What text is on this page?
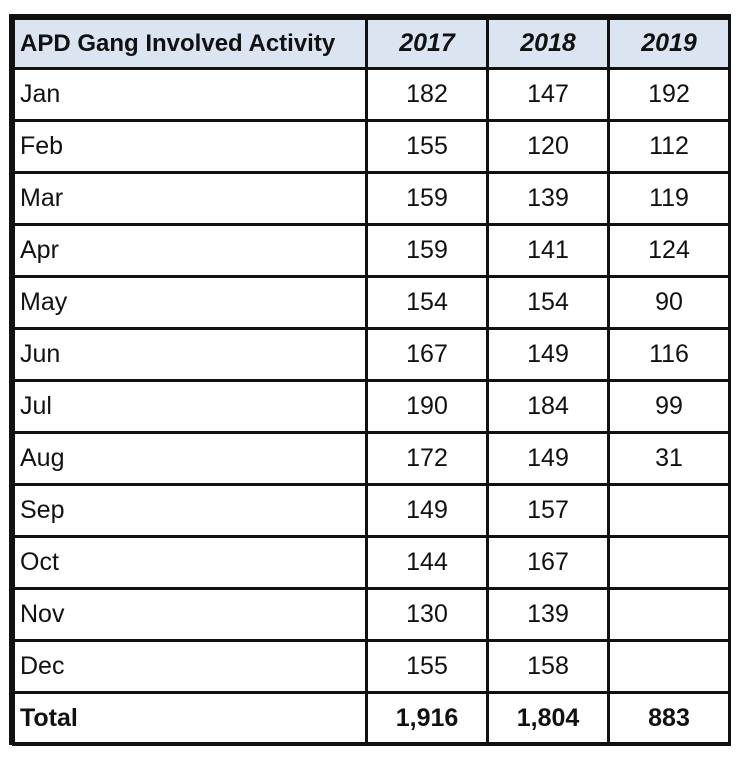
APD Gang Involved Activity	2017	2018	2019
Jan	182	147	192
Feb	155	120	112
Mar	159	139	119
Apr	159	141	124
May	154	154	90
Jun	167	149	116
Jul	190	184	99
Aug	172	149	31
Sep	149	157	
Oct	144	167	
Nov	130	139	
Dec	155	158	
Total	1,916	1,804	883
